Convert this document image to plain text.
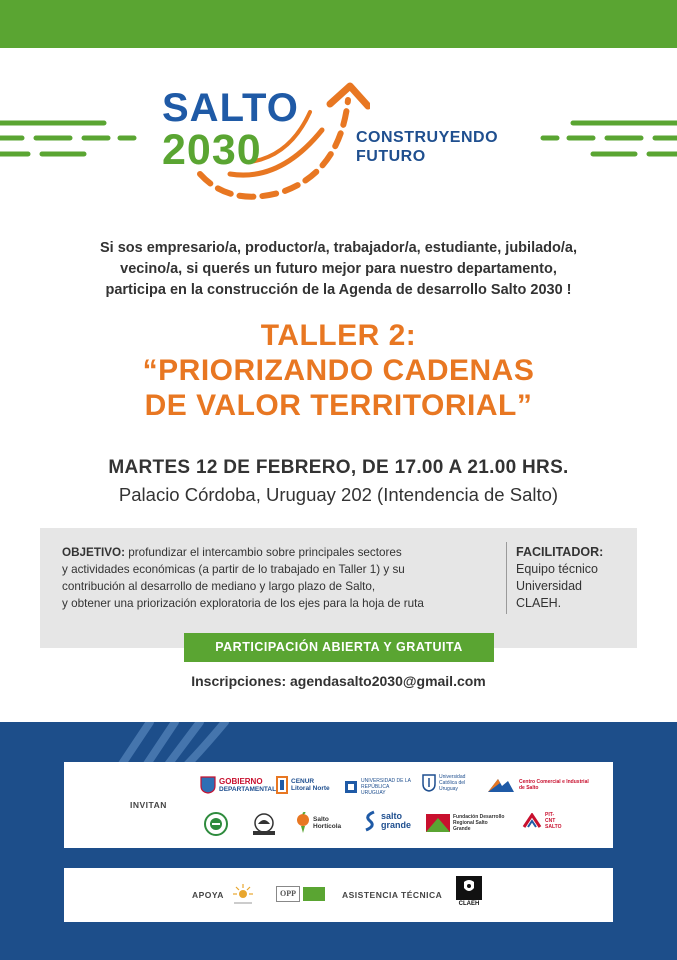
SALTO
2030	CONSTRUYENDO
FUTURO
Si sos empresario/a, productor/a, trabajador/a, estudiante, jubilado/a,
vecino/a, si querés un futuro mejor para nuestro departamento,
participa en la construcción de la Agenda de desarrollo Salto 2030 !
TALLER 2:
“PRIORIZANDO CADENAS
DE VALOR TERRITORIAL”
MARTES 12 DE FEBRERO, DE 17.00 A 21.00 HRS.
Palacio Córdoba, Uruguay 202 (Intendencia de Salto)
OBJETIVO: profundizar el intercambio sobre principales sectores
y actividades económicas (a partir de lo trabajado en Taller 1) y su
contribución al desarrollo de mediano y largo plazo de Salto,
y obtener una priorización exploratoria de los ejes para la hoja de ruta
FACILITADOR:
Equipo técnico
Universidad
CLAEH.
PARTICIPACIÓN ABIERTA Y GRATUITA
Inscripciones: agendasalto2030@gmail.com
INVITAN
GOBIERNO
DEPARTAMENTAL
CENUR
Litoral Norte
UNIVERSIDAD DE LA REPÚBLICA URUGUAY
Universidad Católica del Uruguay
Centro Comercial e Industrial de Salto
Salto
Hortícola
salto
grande
Fundación Desarrollo Regional Salto Grande
PIT-CNT SALTO
APOYA	OPP	ASISTENCIA TÉCNICA
CLAEH
